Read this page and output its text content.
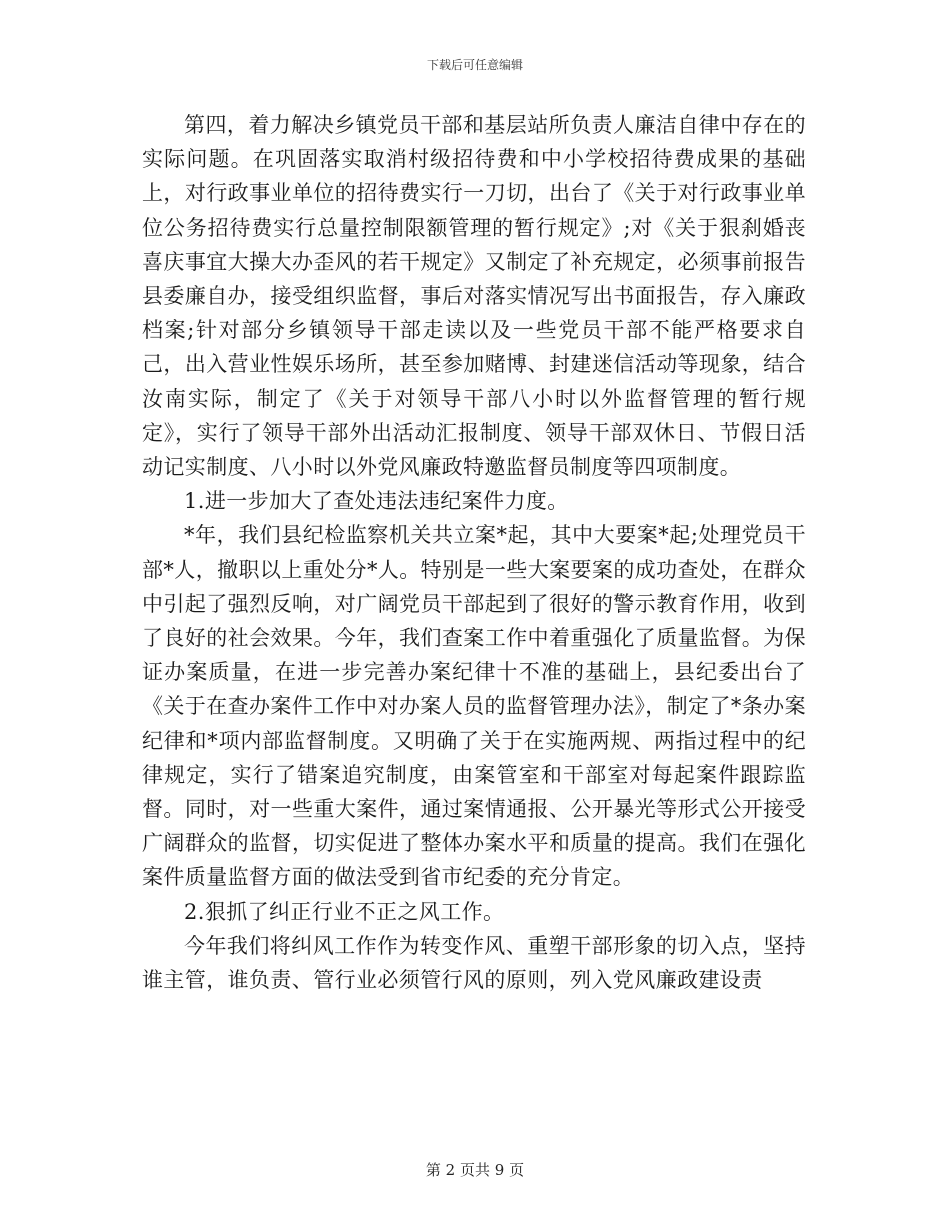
下载后可任意编辑

第四，着力解决乡镇党员干部和基层站所负责人廉洁自律中存在的实际问题。在巩固落实取消村级招待费和中小学校招待费成果的基础上，对行政事业单位的招待费实行一刀切，出台了《关于对行政事业单位公务招待费实行总量控制限额管理的暂行规定》;对《关于狠刹婚丧喜庆事宜大操大办歪风的若干规定》又制定了补充规定，必须事前报告县委廉自办，接受组织监督，事后对落实情况写出书面报告，存入廉政档案;针对部分乡镇领导干部走读以及一些党员干部不能严格要求自己，出入营业性娱乐场所，甚至参加赌博、封建迷信活动等现象，结合汝南实际，制定了《关于对领导干部八小时以外监督管理的暂行规定》，实行了领导干部外出活动汇报制度、领导干部双休日、节假日活动记实制度、八小时以外党风廉政特邀监督员制度等四项制度。

1.进一步加大了查处违法违纪案件力度。

*年，我们县纪检监察机关共立案*起，其中大要案*起;处理党员干部*人，撤职以上重处分*人。特别是一些大案要案的成功查处，在群众中引起了强烈反响，对广阔党员干部起到了很好的警示教育作用，收到了良好的社会效果。今年，我们查案工作中着重强化了质量监督。为保证办案质量，在进一步完善办案纪律十不准的基础上，县纪委出台了《关于在查办案件工作中对办案人员的监督管理办法》，制定了*条办案纪律和*项内部监督制度。又明确了关于在实施两规、两指过程中的纪律规定，实行了错案追究制度，由案管室和干部室对每起案件跟踪监督。同时，对一些重大案件，通过案情通报、公开暴光等形式公开接受广阔群众的监督，切实促进了整体办案水平和质量的提高。我们在强化案件质量监督方面的做法受到省市纪委的充分肯定。

2.狠抓了纠正行业不正之风工作。

今年我们将纠风工作作为转变作风、重塑干部形象的切入点，坚持谁主管，谁负责、管行业必须管行风的原则，列入党风廉政建设责

第 2 页共 9 页
